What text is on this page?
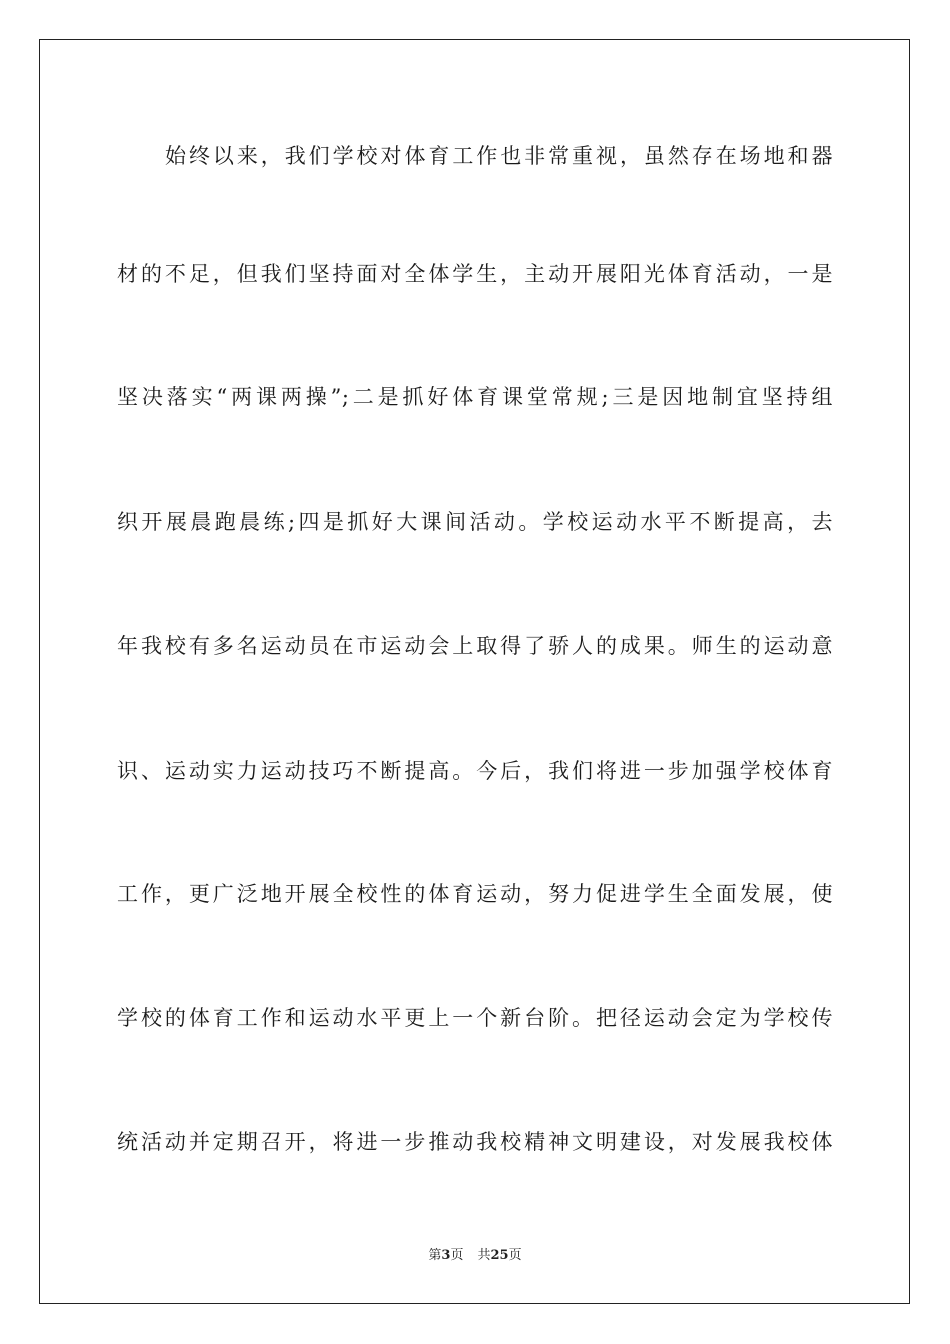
始终以来，我们学校对体育工作也非常重视，虽然存在场地和器
材的不足，但我们坚持面对全体学生，主动开展阳光体育活动，一是
坚决落实“两课两操”;二是抓好体育课堂常规;三是因地制宜坚持组
织开展晨跑晨练;四是抓好大课间活动。学校运动水平不断提高，去
年我校有多名运动员在市运动会上取得了骄人的成果。师生的运动意
识、运动实力运动技巧不断提高。今后，我们将进一步加强学校体育
工作，更广泛地开展全校性的体育运动，努力促进学生全面发展，使
学校的体育工作和运动水平更上一个新台阶。把径运动会定为学校传
统活动并定期召开，将进一步推动我校精神文明建设，对发展我校体
第3页 共25页
